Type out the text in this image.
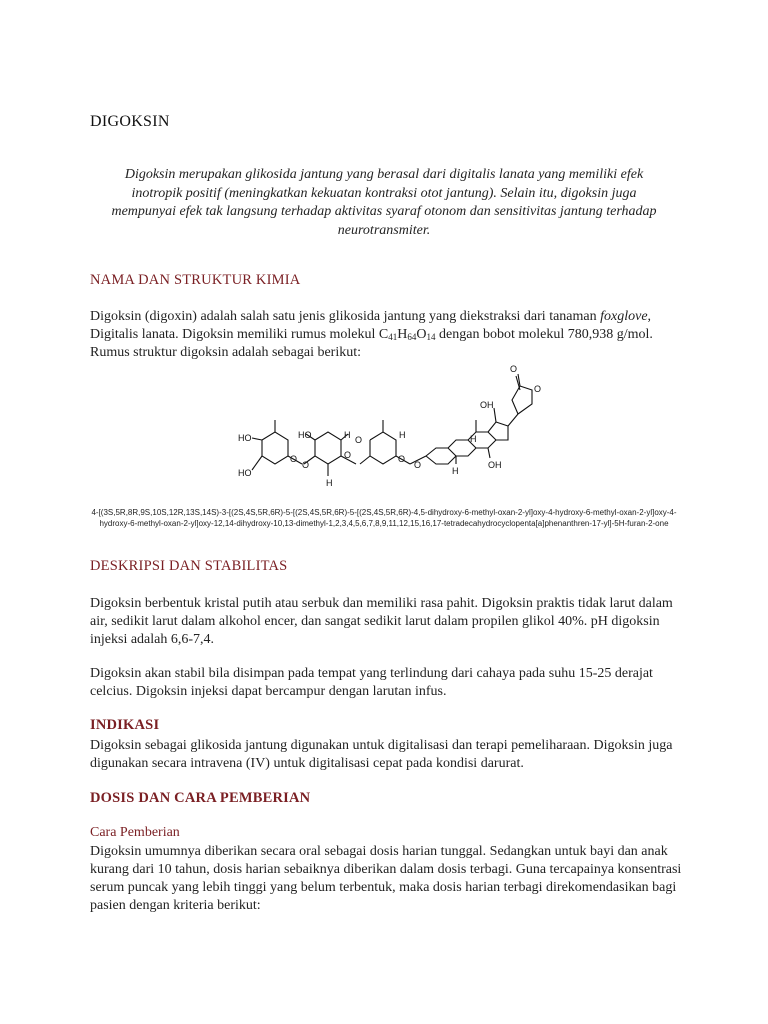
DIGOKSIN
Digoksin merupakan glikosida jantung yang berasal dari digitalis lanata yang memiliki efek inotropik positif (meningkatkan kekuatan kontraksi otot jantung). Selain itu, digoksin juga mempunyai efek tak langsung terhadap aktivitas syaraf otonom dan sensitivitas jantung terhadap neurotransmiter.
NAMA DAN STRUKTUR KIMIA
Digoksin (digoxin) adalah salah satu jenis glikosida jantung yang diekstraksi dari tanaman foxglove, Digitalis lanata. Digoksin memiliki rumus molekul $C_{41}H_{64}O_{14}$ dengan bobot molekul 780,938 g/mol. Rumus struktur digoksin adalah sebagai berikut:
HO
HO
HO
O
O
O
O
O
O
H
H
H
H
H
OH
OH
O
O
4-[(3S,5R,8R,9S,10S,12R,13S,14S)-3-[(2S,4S,5R,6R)-5-[(2S,4S,5R,6R)-5-[(2S,4S,5R,6R)-4,5-dihydroxy-6-methyl-oxan-2-yl]oxy-4-hydroxy-6-methyl-oxan-2-yl]oxy-4-hydroxy-6-methyl-oxan-2-yl]oxy-12,14-dihydroxy-10,13-dimethyl-1,2,3,4,5,6,7,8,9,11,12,15,16,17-tetradecahydrocyclopenta[a]phenanthren-17-yl]-5H-furan-2-one
DESKRIPSI DAN STABILITAS
Digoksin berbentuk kristal putih atau serbuk dan memiliki rasa pahit. Digoksin praktis tidak larut dalam air, sedikit larut dalam alkohol encer, dan sangat sedikit larut dalam propilen glikol 40%. pH digoksin injeksi adalah 6,6-7,4.
Digoksin akan stabil bila disimpan pada tempat yang terlindung dari cahaya pada suhu 15-25 derajat celcius. Digoksin injeksi dapat bercampur dengan larutan infus.
INDIKASI
Digoksin sebagai glikosida jantung digunakan untuk digitalisasi dan terapi pemeliharaan. Digoksin juga digunakan secara intravena (IV) untuk digitalisasi cepat pada kondisi darurat.
DOSIS DAN CARA PEMBERIAN
Cara Pemberian
Digoksin umumnya diberikan secara oral sebagai dosis harian tunggal. Sedangkan untuk bayi dan anak kurang dari 10 tahun, dosis harian sebaiknya diberikan dalam dosis terbagi. Guna tercapainya konsentrasi serum puncak yang lebih tinggi yang belum terbentuk, maka dosis harian terbagi direkomendasikan bagi pasien dengan kriteria berikut:
